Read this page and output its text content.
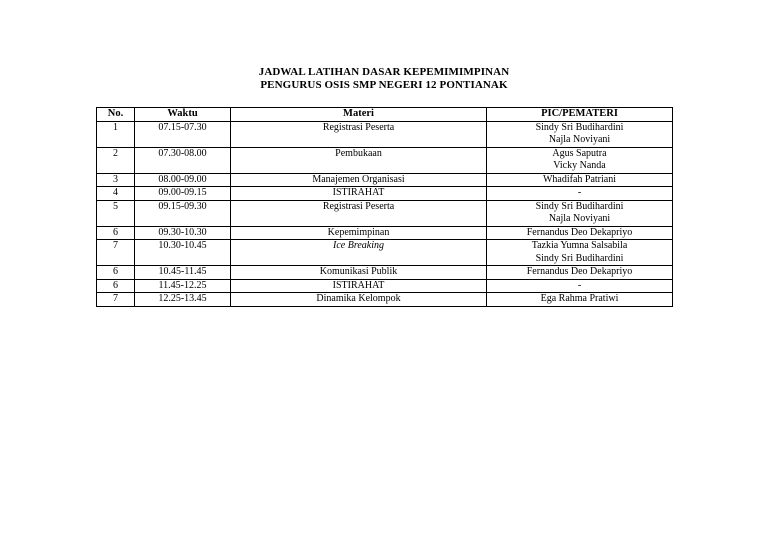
JADWAL LATIHAN DASAR KEPEMIMIMPINAN
PENGURUS OSIS SMP NEGERI 12 PONTIANAK
No.	Waktu	Materi	PIC/PEMATERI
1	07.15-07.30	Registrasi Peserta	Sindy Sri Budihardini
Najla Noviyani

2	07.30-08.00	Pembukaan	Agus Saputra
Vicky Nanda

3	08.00-09.00	Manajemen Organisasi	Whadifah Patriani

4	09.00-09.15	ISTIRAHAT	-

5	09.15-09.30	Registrasi Peserta	Sindy Sri Budihardini
Najla Noviyani

6	09.30-10.30	Kepemimpinan	Fernandus Deo Dekapriyo

7	10.30-10.45	Ice Breaking	Tazkia Yumna Salsabila
Sindy Sri Budihardini

6	10.45-11.45	Komunikasi Publik	Fernandus Deo Dekapriyo

6	11.45-12.25	ISTIRAHAT	-

7	12.25-13.45	Dinamika Kelompok	Ega Rahma Pratiwi
